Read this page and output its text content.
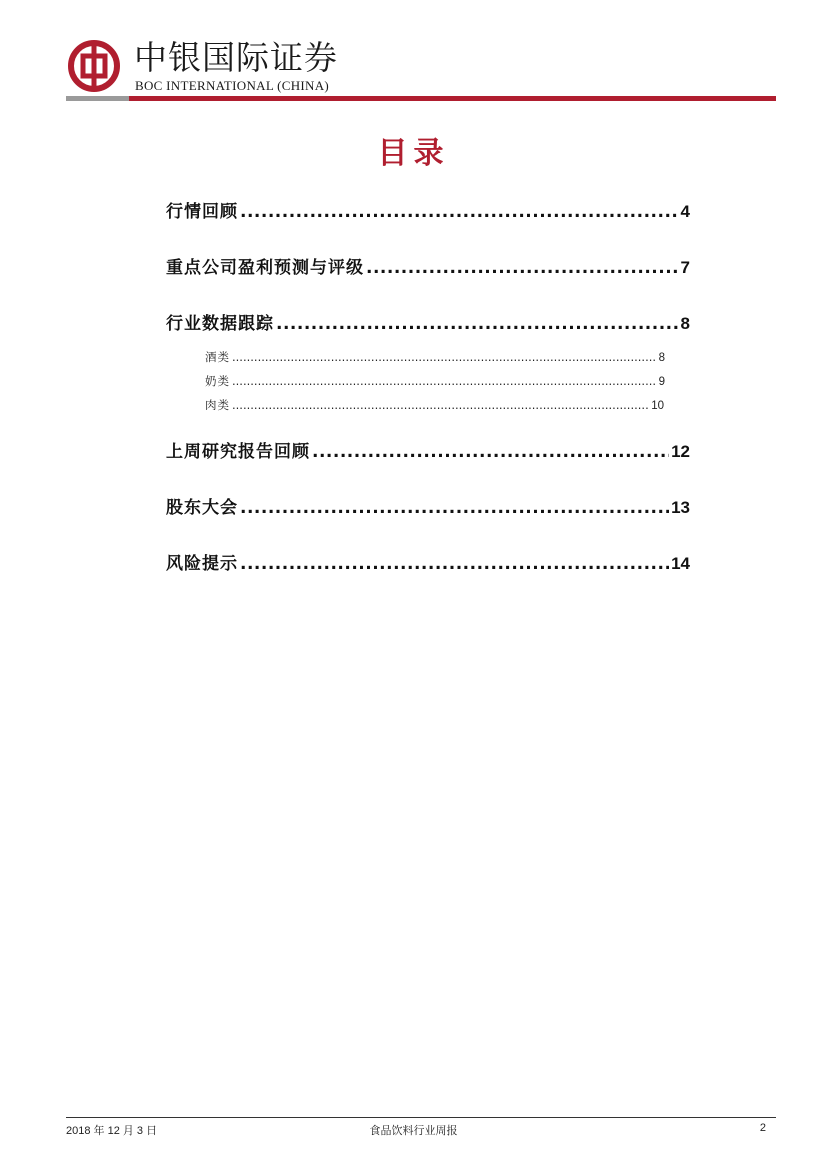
中银国际证券
BOC INTERNATIONAL (CHINA)
目录
行情回顾 .....	4
重点公司盈利预测与评级 .....	7
行业数据跟踪 .....	8
酒类 .....	8
奶类 .....	9
肉类 .....	10
上周研究报告回顾 .....	12
股东大会 .....	13
风险提示 .....	14
2018 年 12 月 3 日	食品饮料行业周报	2
